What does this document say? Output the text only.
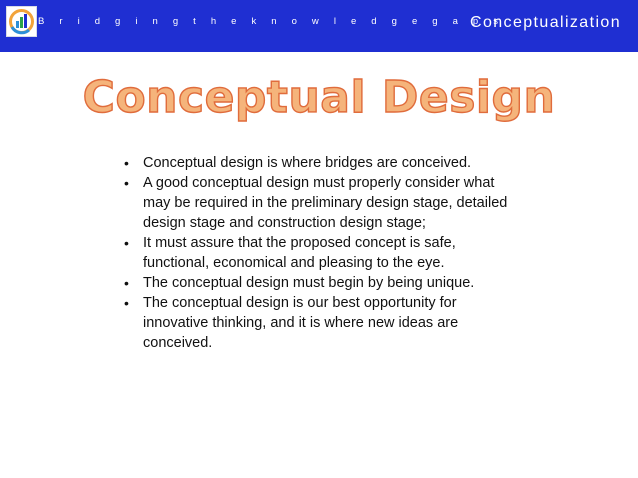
B r i d g i n g t h e k n o w l e d g e g a p s
Conceptualization
Conceptual Design
• Conceptual design is where bridges are conceived.
• A good conceptual design must properly consider what may be required in the preliminary design stage, detailed design stage and construction design stage;
• It must assure that the proposed concept is safe, functional, economical and pleasing to the eye.
• The conceptual design must begin by being unique.
• The conceptual design is our best opportunity for innovative thinking, and it is where new ideas are conceived.
